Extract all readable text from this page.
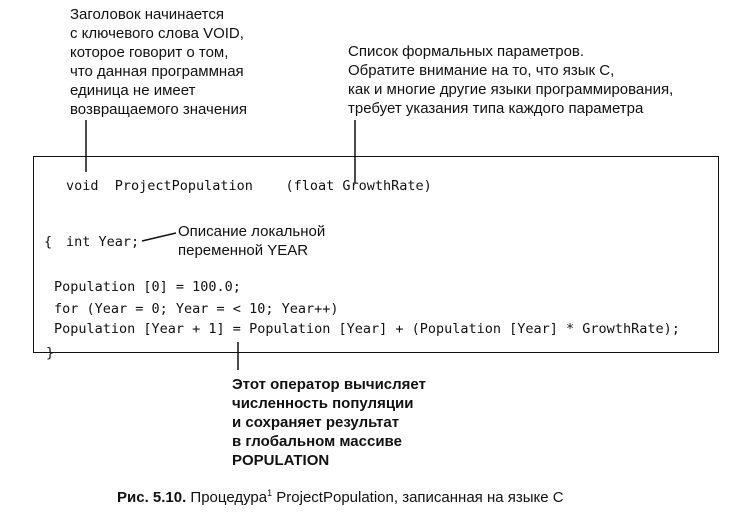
Заголовок начинается
с ключевого слова VOID,
которое говорит о том,
что данная программная
единица не имеет
возвращаемого значения
Список формальных параметров.
Обратите внимание на то, что язык C,
как и многие другие языки программирования,
требует указания типа каждого параметра
void  ProjectPopulation    (float GrowthRate)
{ int Year;
Population [0] = 100.0;
for (Year = 0; Year = < 10; Year++)
Population [Year + 1] = Population [Year] + (Population [Year] * GrowthRate);
}
Описание локальной
переменной YEAR
Этот оператор вычисляет
численность популяции
и сохраняет результат
в глобальном массиве
POPULATION
Рис. 5.10. Процедура$^1$ ProjectPopulation, записанная на языке C
